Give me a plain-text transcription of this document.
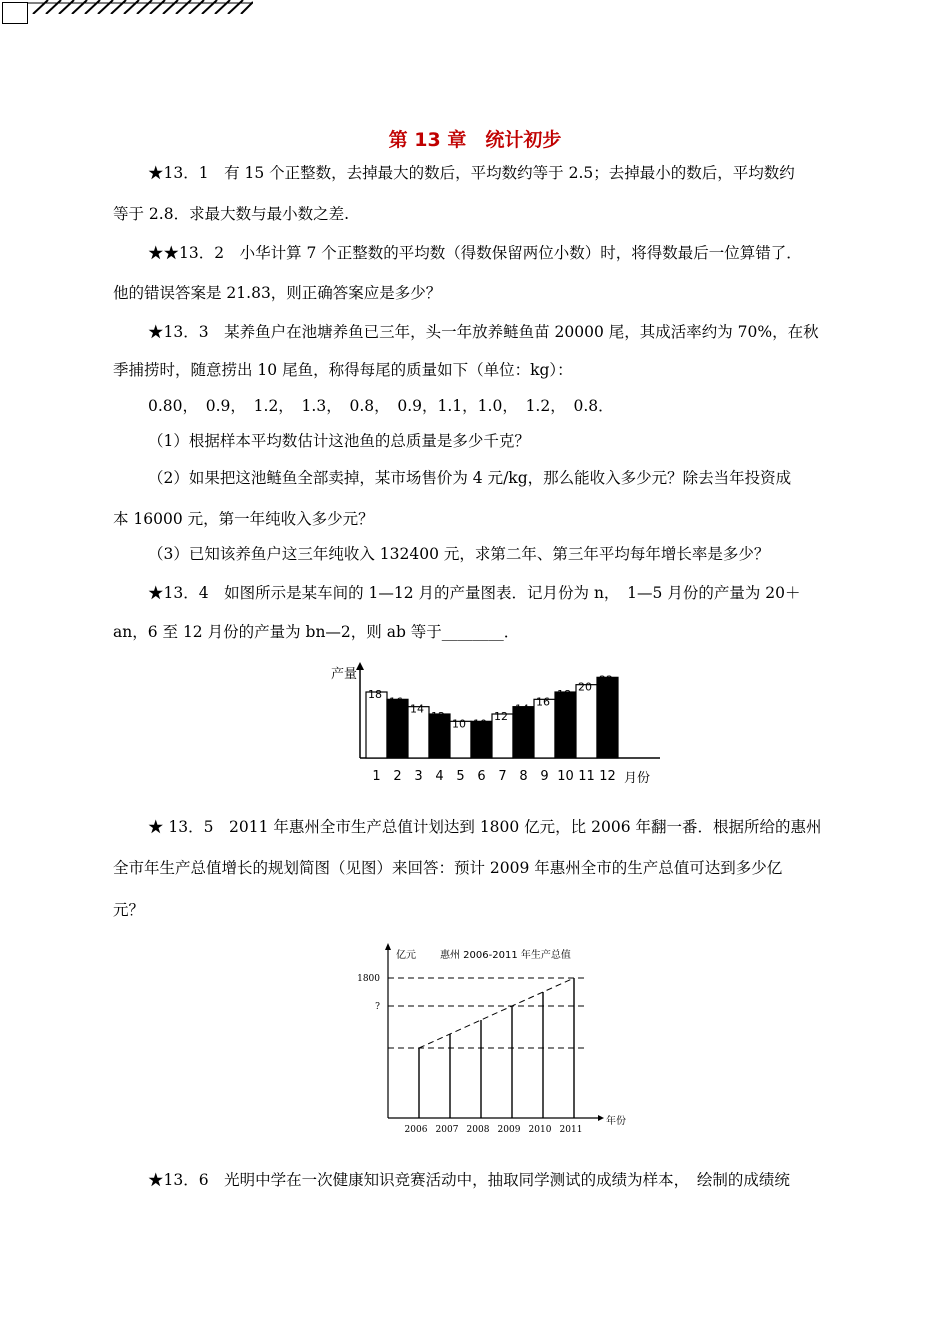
第 13 章　统计初步
★13．1　有 15 个正整数，去掉最大的数后，平均数约等于 2.5；去掉最小的数后，平均数约
等于 2.8．求最大数与最小数之差.
★★13．2　小华计算 7 个正整数的平均数（得数保留两位小数）时，将得数最后一位算错了．
他的错误答案是 21.83，则正确答案应是多少？
★13．3　某养鱼户在池塘养鱼已三年，头一年放养鲢鱼苗 20000 尾，其成活率约为 70%，在秋
季捕捞时，随意捞出 10 尾鱼，称得每尾的质量如下（单位：kg）：
0.80，　0.9，　1.2，　1.3，　0.8，　0.9，1.1，1.0，　1.2，　0.8．
（1）根据样本平均数估计这池鱼的总质量是多少千克？
（2）如果把这池鲢鱼全部卖掉，某市场售价为 4 元/kg，那么能收入多少元？除去当年投资成
本 16000 元，第一年纯收入多少元？
（3）已知该养鱼户这三年纯收入 132400 元，求第二年、第三年平均每年增长率是多少？
★13．4　如图所示是某车间的 1—12 月的产量图表．记月份为 n，　1—5 月份的产量为 20＋
an，6 至 12 月份的产量为 bn—2，则 ab 等于________．
产量
18
1
16
2
14
3
12
4
10
5
10
6
12
7
14
8
16
9
18
10
20
11
22
12 月份
★ 13．5　2011 年惠州全市生产总值计划达到 1800 亿元，比 2006 年翻一番．根据所给的惠州
全市年生产总值增长的规划简图（见图）来回答：预计 2009 年惠州全市的生产总值可达到多少亿
元？
亿元 惠州 2006-2011 年生产总值
1800
?
2006 2007 2008 2009 2010 2011
年份
★13．6　光明中学在一次健康知识竞赛活动中，抽取同学测试的成绩为样本，　绘制的成绩统
